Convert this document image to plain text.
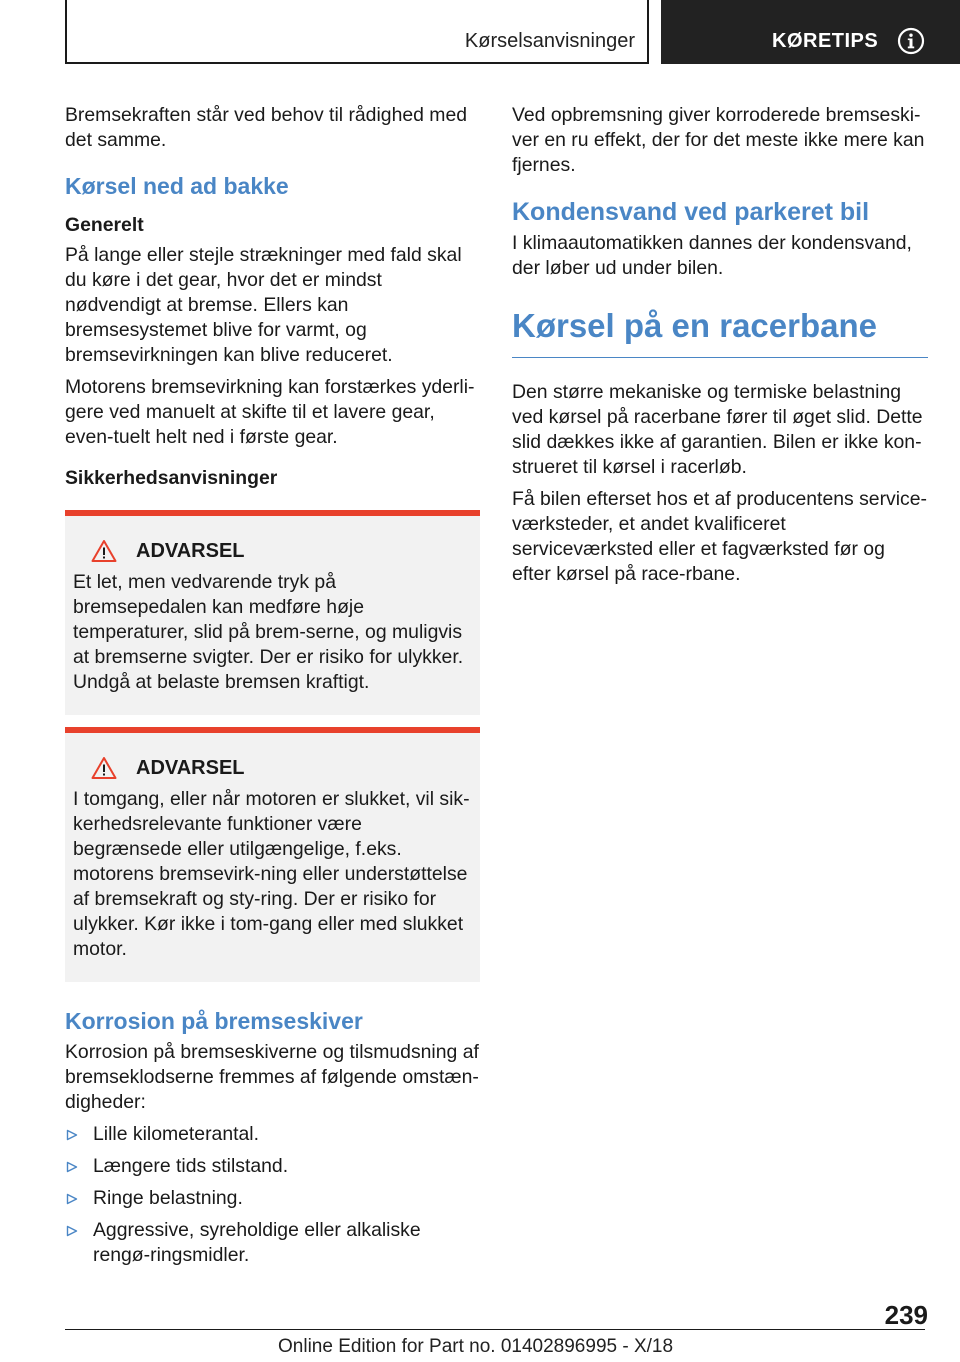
Kørselsanvisninger	KØRETIPS

Bremsekraften står ved behov til rådighed med det samme.

Kørsel ned ad bakke
Generelt

På lange eller stejle strækninger med fald skal du køre i det gear, hvor det er mindst nødvendigt at bremse. Ellers kan bremsesystemet blive for varmt, og bremsevirkningen kan blive reduceret.

Motorens bremsevirkning kan forstærkes yderli‐gere ved manuelt at skifte til et lavere gear, even‐tuelt helt ned i første gear.

Sikkerhedsanvisninger
ADVARSEL

Et let, men vedvarende tryk på bremsepedalen kan medføre høje temperaturer, slid på brem‐serne, og muligvis at bremserne svigter. Der er risiko for ulykker. Undgå at belaste bremsen kraftigt.

ADVARSEL

I tomgang, eller når motoren er slukket, vil sik‐kerhedsrelevante funktioner være begrænsede eller utilgængelige, f.eks. motorens bremsevirk‐ning eller understøttelse af bremsekraft og sty‐ring. Der er risiko for ulykker. Kør ikke i tom‐gang eller med slukket motor.

Korrosion på bremseskiver

Korrosion på bremseskiverne og tilsmudsning af bremseklodserne fremmes af følgende omstæn‐digheder:

Lille kilometerantal.
Længere tids stilstand.
Ringe belastning.
Aggressive, syreholdige eller alkaliske rengø‐ringsmidler.

Ved opbremsning giver korroderede bremseski‐ver en ru effekt, der for det meste ikke mere kan fjernes.

Kondensvand ved parkeret bil

I klimaautomatikken dannes der kondensvand, der løber ud under bilen.

Kørsel på en racerbane

Den større mekaniske og termiske belastning ved kørsel på racerbane fører til øget slid. Dette slid dækkes ikke af garantien. Bilen er ikke kon‐strueret til kørsel i racerløb.

Få bilen efterset hos et af producentens service‐værksteder, et andet kvalificeret serviceværksted eller et fagværksted før og efter kørsel på race‐rbane.

239
Online Edition for Part no. 01402896995 - X/18
